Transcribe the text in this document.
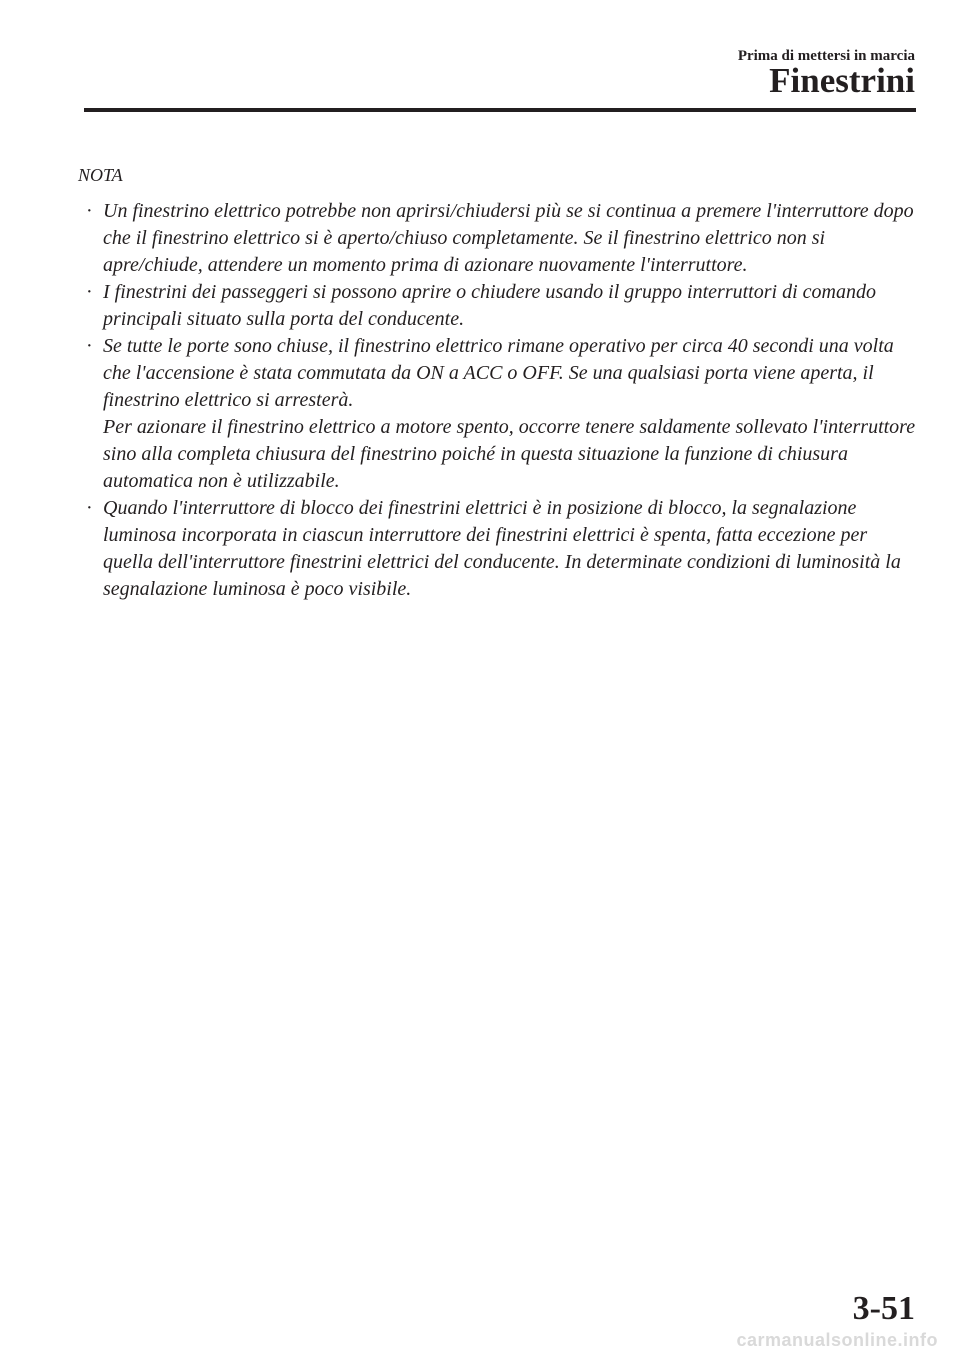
Prima di mettersi in marcia
Finestrini
NOTA
· Un finestrino elettrico potrebbe non aprirsi/chiudersi più se si continua a premere l'interruttore dopo che il finestrino elettrico si è aperto/chiuso completamente. Se il finestrino elettrico non si apre/chiude, attendere un momento prima di azionare nuovamente l'interruttore.
· I finestrini dei passeggeri si possono aprire o chiudere usando il gruppo interruttori di comando principali situato sulla porta del conducente.
· Se tutte le porte sono chiuse, il finestrino elettrico rimane operativo per circa 40 secondi una volta che l'accensione è stata commutata da ON a ACC o OFF. Se una qualsiasi porta viene aperta, il finestrino elettrico si arresterà.
Per azionare il finestrino elettrico a motore spento, occorre tenere saldamente sollevato l'interruttore sino alla completa chiusura del finestrino poiché in questa situazione la funzione di chiusura automatica non è utilizzabile.
· Quando l'interruttore di blocco dei finestrini elettrici è in posizione di blocco, la segnalazione luminosa incorporata in ciascun interruttore dei finestrini elettrici è spenta, fatta eccezione per quella dell'interruttore finestrini elettrici del conducente. In determinate condizioni di luminosità la segnalazione luminosa è poco visibile.
3-51
carmanualsonline.info
